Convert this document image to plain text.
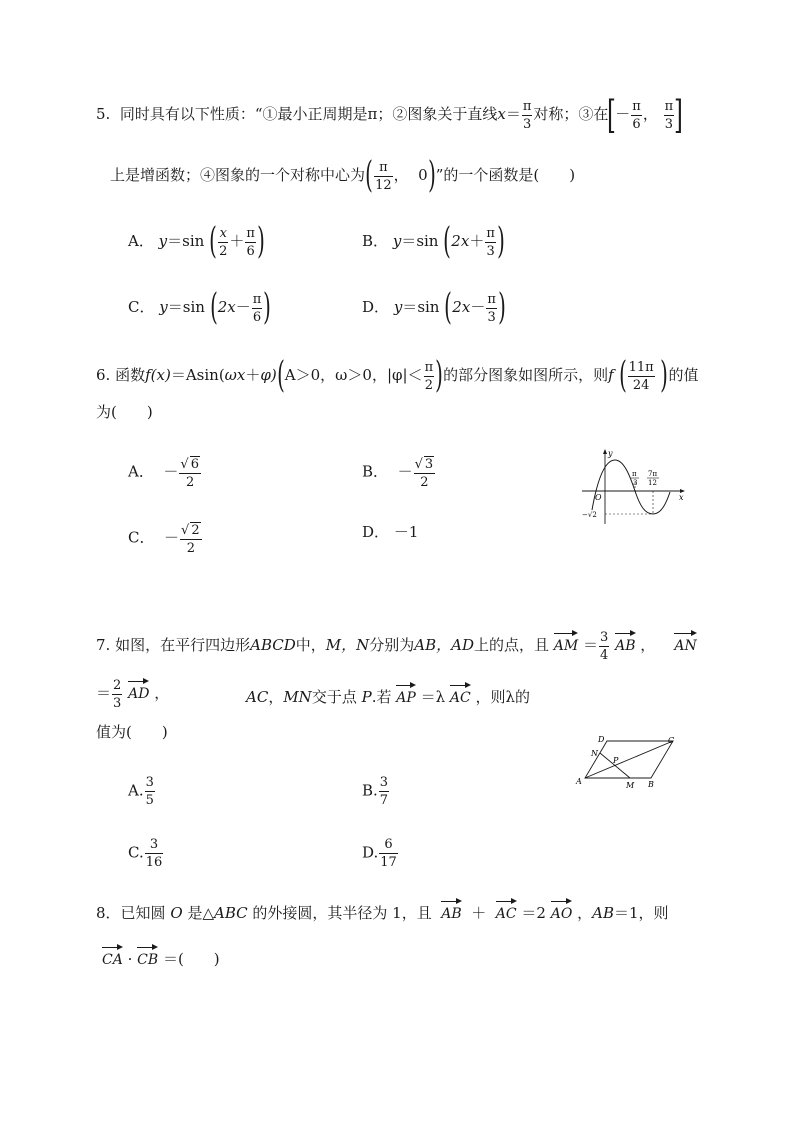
5. 同时具有以下性质：“①最小正周期是π；②图象关于直线$x= \frac{\pi}{3}$ 对称；③在[－ $\frac{\pi}{6}$ ， $\frac{\pi}{3}$ ]
上是增函数；④图象的一个对称中心为( $\frac{\pi}{12}$ ， 0)”的一个函数是(　　)
A． y＝sin ( $\frac{x}{2} + \frac{\pi}{6}$ )	B． y＝sin ($2x+ \frac{\pi}{3}$ )
C． y＝sin ($2x- \frac{\pi}{6}$ )	D． y＝sin ($2x- \frac{\pi}{3}$ )
6. 函数f(x)＝Asin(ωx＋φ)(A＞0，ω＞0，$|\varphi|< \frac{\pi}{2}$ )的部分图象如图所示，则f ( $\frac{11\pi}{24}$ )的值
为(　　)
A． － $\frac{√ 6}{2}$	B． － $\frac{√ 3}{2}$
C． － $\frac{√ 2}{2}$	D． －1
y
x
O
π
3
7π
12
−√2
7. 如图，在平行四边形ABCD中，M，N分别为AB，AD上的点，且 AM ＝ $\frac{3}{4}$ AB ， AN
＝ $\frac{2}{3}$ AD ，	AC，MN交于点 P.若 AP ＝λ AC ，则λ的
值为(　　)
A. $\frac{3}{5}$	B. $\frac{3}{7}$
C. $\frac{3}{16}$	D. $\frac{6}{17}$
A	B
C
D
M
N
P
8．已知圆 O 是△ABC 的外接圆，其半径为 1，且 AB ＋ AC ＝2 AO ，AB＝1，则
CA · CB ＝(　　)
